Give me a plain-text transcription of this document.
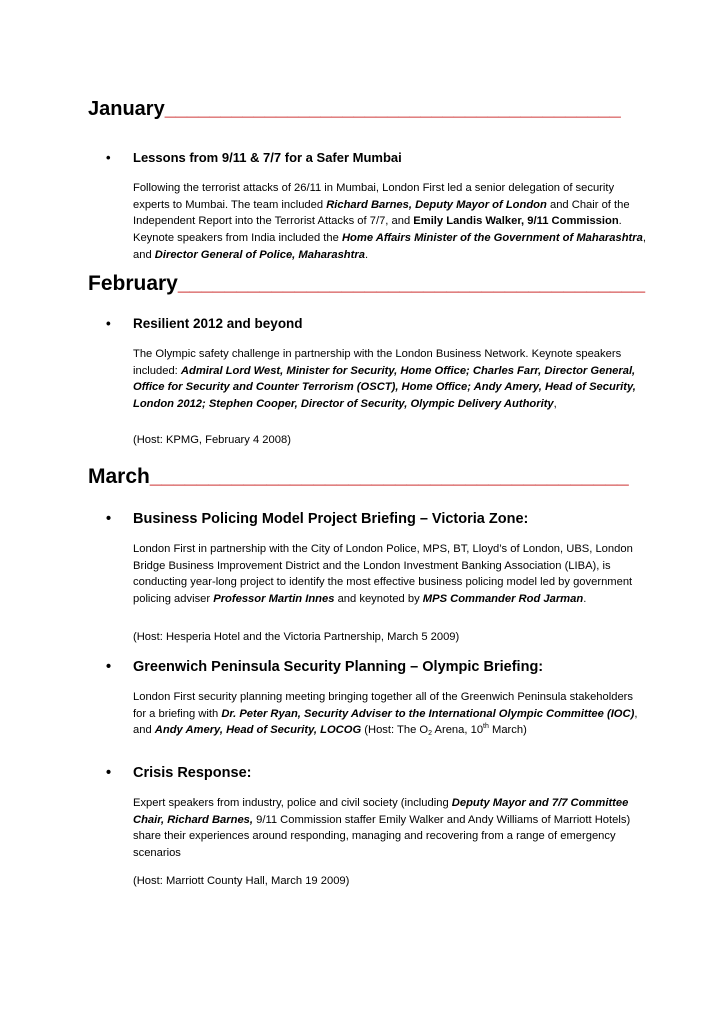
January_________________________________________
• Lessons from 9/11 & 7/7 for a Safer Mumbai
Following the terrorist attacks of 26/11 in Mumbai, London First led a senior delegation of security experts to Mumbai. The team included Richard Barnes, Deputy Mayor of London and Chair of the Independent Report into the Terrorist Attacks of 7/7, and Emily Landis Walker, 9/11 Commission. Keynote speakers from India included the Home Affairs Minister of the Government of Maharashtra, and Director General of Police, Maharashtra.
February________________________________________
• Resilient 2012 and beyond
The Olympic safety challenge in partnership with the London Business Network. Keynote speakers included: Admiral Lord West, Minister for Security, Home Office; Charles Farr, Director General, Office for Security and Counter Terrorism (OSCT), Home Office; Andy Amery, Head of Security, London 2012; Stephen Cooper, Director of Security, Olympic Delivery Authority,
(Host: KPMG, February 4 2008)
March_________________________________________
• Business Policing Model Project Briefing – Victoria Zone:
London First in partnership with the City of London Police, MPS, BT, Lloyd’s of London, UBS, London Bridge Business Improvement District and the London Investment Banking Association (LIBA), is conducting year-long project to identify the most effective business policing model led by government policing adviser Professor Martin Innes and keynoted by MPS Commander Rod Jarman.
(Host: Hesperia Hotel and the Victoria Partnership, March 5 2009)
• Greenwich Peninsula Security Planning – Olympic Briefing:
London First security planning meeting bringing together all of the Greenwich Peninsula stakeholders for a briefing with Dr. Peter Ryan, Security Adviser to the International Olympic Committee (IOC), and Andy Amery, Head of Security, LOCOG (Host: The $O_2$ Arena, 10th March)
• Crisis Response:
Expert speakers from industry, police and civil society (including Deputy Mayor and 7/7 Committee Chair, Richard Barnes, 9/11 Commission staffer Emily Walker and Andy Williams of Marriott Hotels) share their experiences around responding, managing and recovering from a range of emergency scenarios
(Host: Marriott County Hall, March 19 2009)
